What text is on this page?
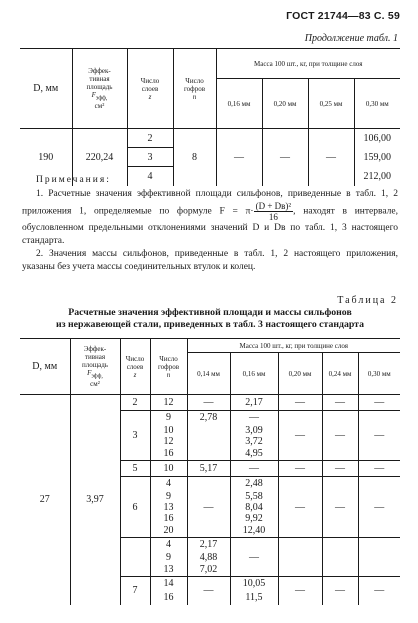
ГОСТ 21744—83 С. 59
Продолжение табл. 1
D, мм	Эффек-
тивная
площадь
$F_{эфф,}$
см²	Число
слоев
z	Число
гофров
n	Масса 100 шт., кг, при толщине слоя			
				0,16 мм	0,20 мм	0,25 мм	0,30 мм
190	220,24	2	8	—	—	—	106,00
		3					159,00
		4					212,00

Примечания:

1. Расчетные значения эффективной площади сильфонов, приведенные в табл. 1, 2 приложения 1, определяемые по формуле $F = \pi\cdot \frac{\text{(D + Dв)²}}{16}$ , находят в интервале, обусловленном предельными отклонениями значений D и Dв по табл. 1, 3 настоящего стандарта.

2. Значения массы сильфонов, приведенные в табл. 1, 2 настоящего приложения, указаны без учета массы соединительных втулок и колец.

Таблица 2
Расчетные значения эффективной площади и массы сильфонов
из нержавеющей стали, приведенных в табл. 3 настоящего стандарта
D, мм	Эффек-
тивная
площадь
$F_{эфф,}$
см²	Число
слоев
z	Число
гофров
n	Масса 100 шт., кг, при толщине слоя				
				0,14 мм	0,16 мм	0,20 мм	0,24 мм	0,30 мм
27	3,97	2	12	—	2,17	—	—	—
		3	9	2,78	—	—	—	—
			10		3,09			
			12		3,72			
			16		4,95			
		5	10	5,17	—	—	—	—
		6	4	—	2,48	—	—	—
			9		5,58			
			13		8,04			
			16		9,92			
			20		12,40			
			4	2,17	—			
			9	4,88				
			13	7,02				
		7	14	—	10,05	—	—	—
			16		11,5			
